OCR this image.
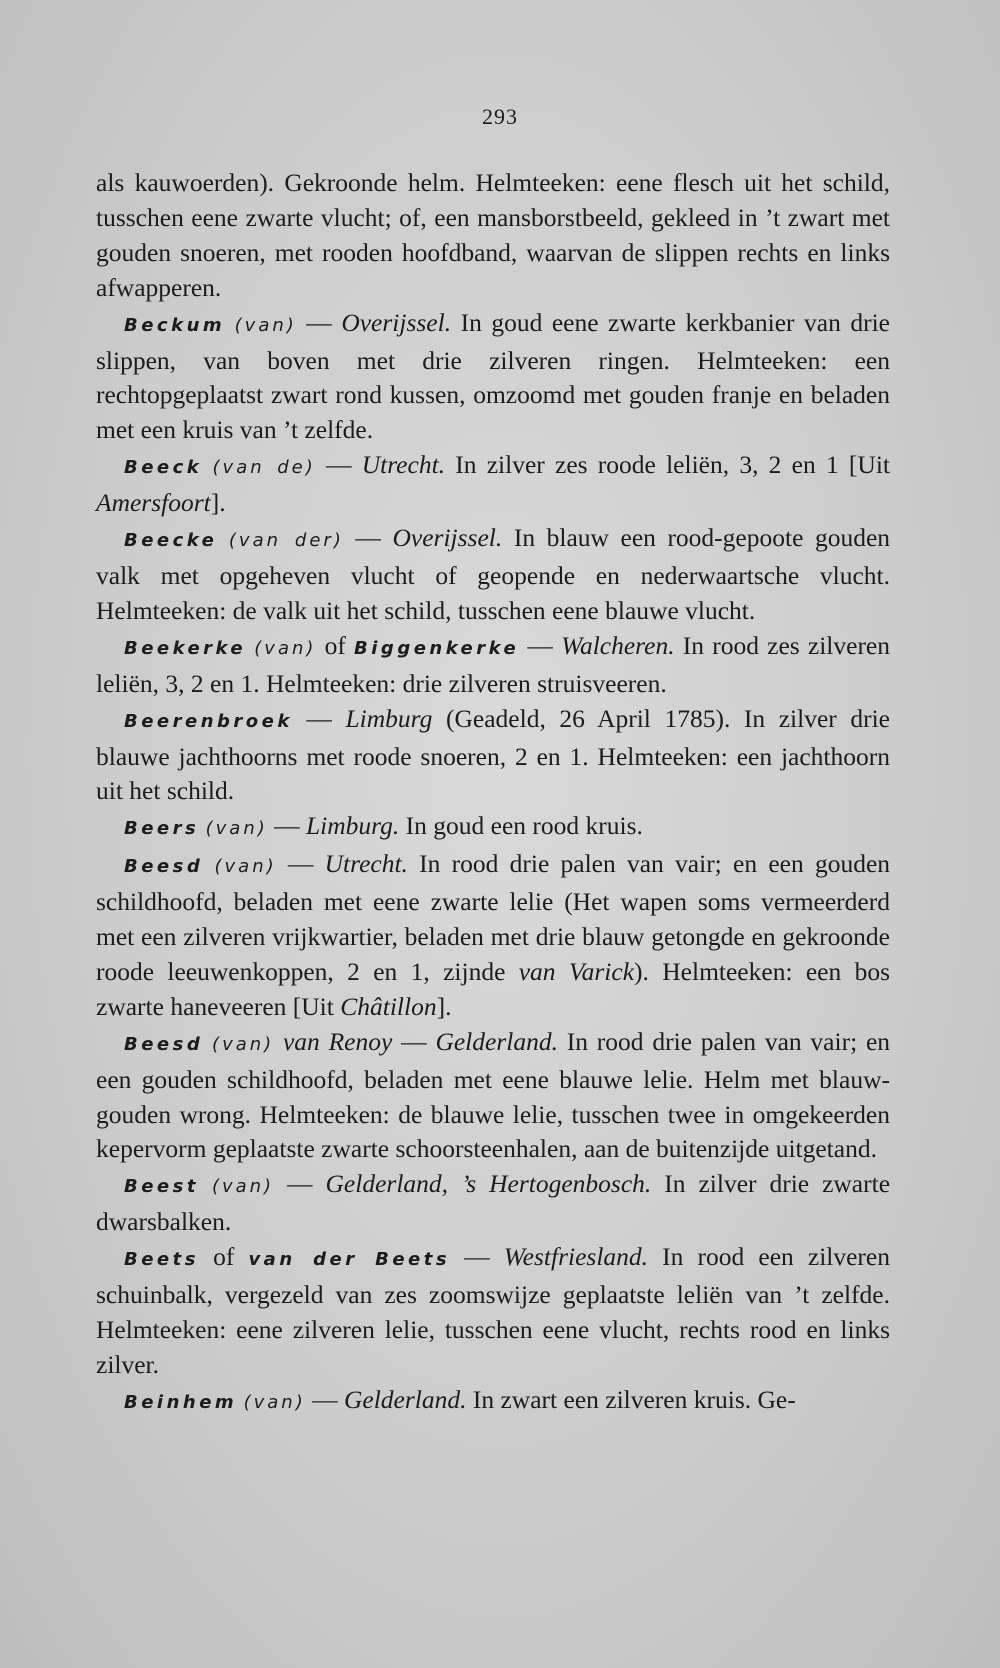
293

als kauwoerden). Gekroonde helm. Helmteeken: eene flesch uit het schild, tusschen eene zwarte vlucht; of, een mansborstbeeld, gekleed in ’t zwart met gouden snoeren, met rooden hoofdband, waarvan de slippen rechts en links afwapperen.

Beckum (van) — Overijssel. In goud eene zwarte kerkbanier van drie slippen, van boven met drie zilveren ringen. Helmteeken: een rechtopgeplaatst zwart rond kussen, omzoomd met gouden franje en beladen met een kruis van ’t zelfde.

Beeck (van de) — Utrecht. In zilver zes roode leliën, 3, 2 en 1 [Uit Amersfoort].

Beecke (van der) — Overijssel. In blauw een rood-gepoote gouden valk met opgeheven vlucht of geopende en nederwaartsche vlucht. Helmteeken: de valk uit het schild, tusschen eene blauwe vlucht.

Beekerke (van) of Biggenkerke — Walcheren. In rood zes zilveren leliën, 3, 2 en 1. Helmteeken: drie zilveren struisveeren.

Beerenbroek — Limburg (Geadeld, 26 April 1785). In zilver drie blauwe jachthoorns met roode snoeren, 2 en 1. Helmteeken: een jachthoorn uit het schild.

Beers (van) — Limburg. In goud een rood kruis.

Beesd (van) — Utrecht. In rood drie palen van vair; en een gouden schildhoofd, beladen met eene zwarte lelie (Het wapen soms vermeerderd met een zilveren vrijkwartier, beladen met drie blauw getongde en gekroonde roode leeuwenkoppen, 2 en 1, zijnde van Varick). Helmteeken: een bos zwarte haneveeren [Uit Châtillon].

Beesd (van) van Renoy — Gelderland. In rood drie palen van vair; en een gouden schildhoofd, beladen met eene blauwe lelie. Helm met blauw-gouden wrong. Helmteeken: de blauwe lelie, tusschen twee in omgekeerden kepervorm geplaatste zwarte schoorsteenhalen, aan de buitenzijde uitgetand.

Beest (van) — Gelderland, ’s Hertogenbosch. In zilver drie zwarte dwarsbalken.

Beets of van der Beets — Westfriesland. In rood een zilveren schuinbalk, vergezeld van zes zoomswijze geplaatste leliën van ’t zelfde. Helmteeken: eene zilveren lelie, tusschen eene vlucht, rechts rood en links zilver.

Beinhem (van) — Gelderland. In zwart een zilveren kruis. Ge-
